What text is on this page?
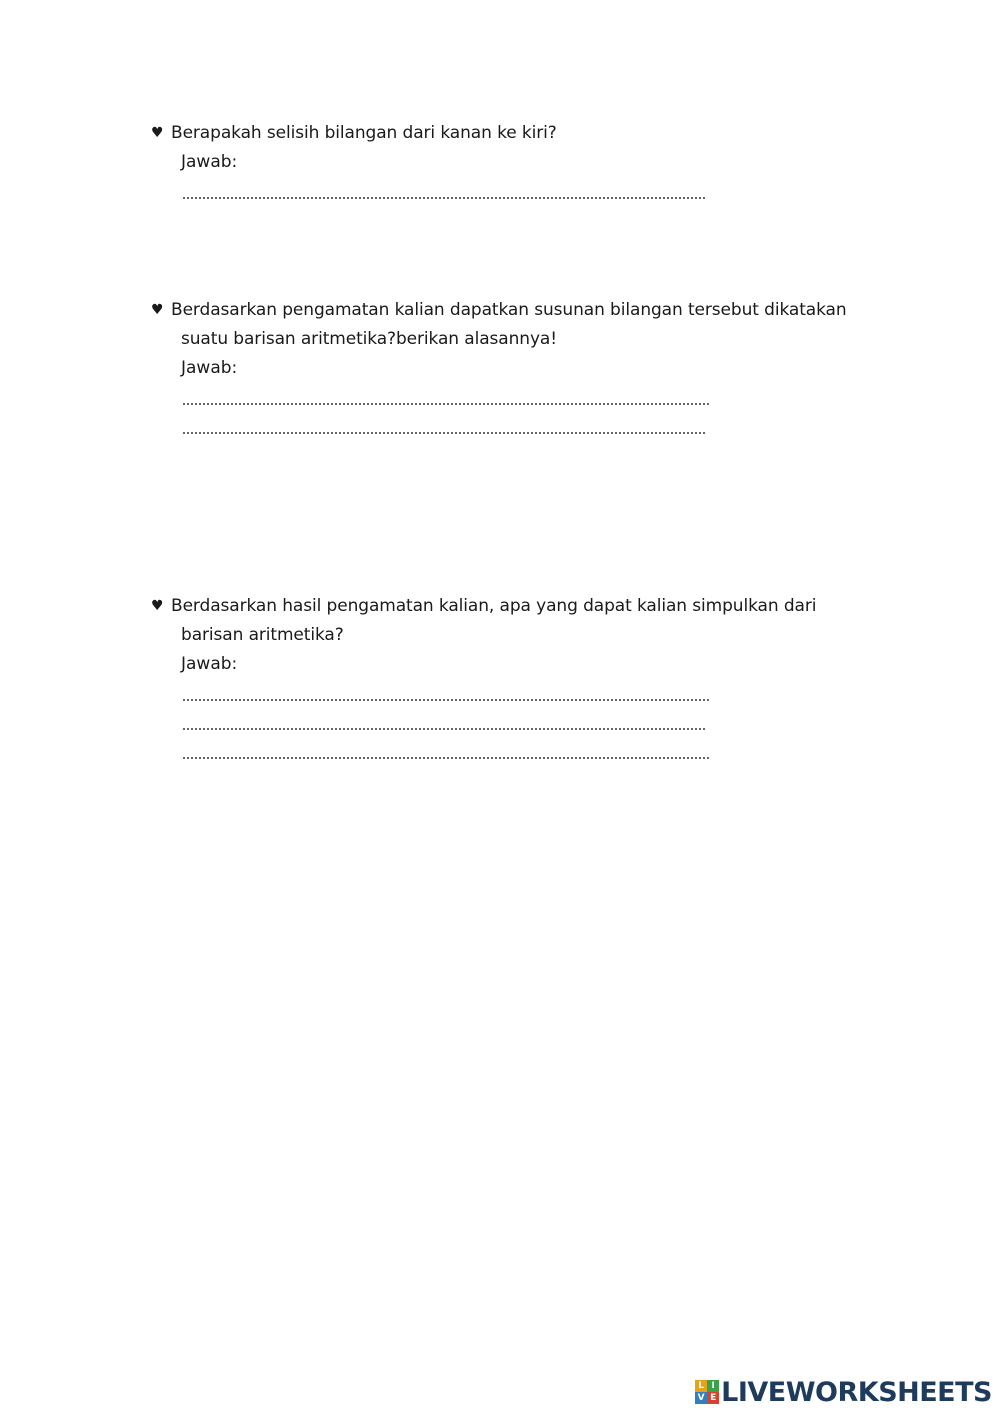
♥ Berapakah selisih bilangan dari kanan ke kiri?
Jawab:
♥ Berdasarkan pengamatan kalian dapatkan susunan bilangan tersebut dikatakan
suatu barisan aritmetika?berikan alasannya!
Jawab:
♥ Berdasarkan hasil pengamatan kalian, apa yang dapat kalian simpulkan dari
barisan aritmetika?
Jawab:
L I
V E LIVEWORKSHEETS
